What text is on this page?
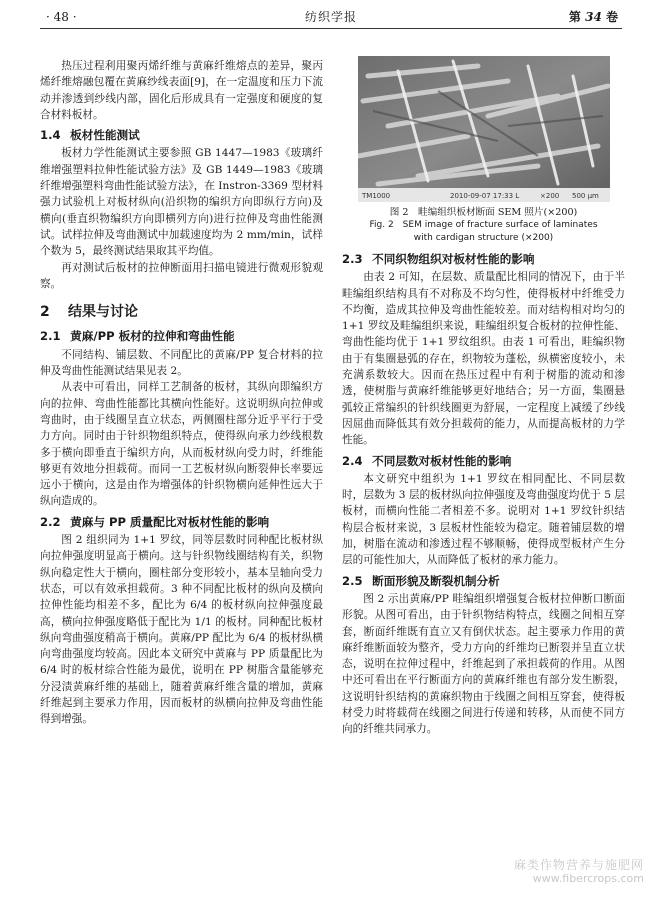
· 48 ·	纺织学报	第 34 卷

热压过程利用聚丙烯纤维与黄麻纤维熔点的差异，聚丙烯纤维熔融包覆在黄麻纱线表面[9]，在一定温度和压力下流动并渗透到纱线内部，固化后形成具有一定强度和硬度的复合材料板材。

1.4 板材性能测试

板材力学性能测试主要参照 GB 1447—1983《玻璃纤维增强塑料拉伸性能试验方法》及 GB 1449—1983《玻璃纤维增强塑料弯曲性能试验方法》，在 Instron-3369 型材料强力试验机上对板材纵向(沿织物的编织方向即纵行方向)及横向(垂直织物编织方向即横列方向)进行拉伸及弯曲性能测试。试样拉伸及弯曲测试中加载速度均为 2 mm/min，试样个数为 5，最终测试结果取其平均值。

再对测试后板材的拉伸断面用扫描电镜进行微观形貌观察。

2 结果与讨论
2.1 黄麻/PP 板材的拉伸和弯曲性能

不同结构、铺层数、不同配比的黄麻/PP 复合材料的拉伸及弯曲性能测试结果见表 2。

从表中可看出，同样工艺制备的板材，其纵向即编织方向的拉伸、弯曲性能都比其横向性能好。这说明纵向拉伸或弯曲时，由于线圈呈直立状态，两侧圈柱部分近乎平行于受力方向。同时由于针织物组织特点，使得纵向承力纱线根数多于横向即垂直于编织方向，从而板材纵向受力时，纤维能够更有效地分担载荷。而同一工艺板材纵向断裂伸长率要远远小于横向，这是由作为增强体的针织物横向延伸性远大于纵向造成的。

2.2 黄麻与 PP 质量配比对板材性能的影响

图 2 组织同为 1+1 罗纹，同等层数时同种配比板材纵向拉伸强度明显高于横向。这与针织物线圈结构有关，织物纵向稳定性大于横向，圈柱部分变形较小，基本呈轴向受力状态，可以有效承担载荷。3 种不同配比板材的纵向及横向拉伸性能均相差不多，配比为 6/4 的板材纵向拉伸强度最高，横向拉伸强度略低于配比为 1/1 的板材。同种配比板材纵向弯曲强度稍高于横向。黄麻/PP 配比为 6/4 的板材纵横向弯曲强度均较高。因此本文研究中黄麻与 PP 质量配比为 6/4 时的板材综合性能为最优，说明在 PP 树脂含量能够充分浸渍黄麻纤维的基础上，随着黄麻纤维含量的增加，黄麻纤维起到主要承力作用，因而板材的纵横向拉伸及弯曲性能得到增强。

TM1000	2010-09-07 17:33 L	×200 500 μm
图 2　畦编组织板材断面 SEM 照片(×200)
Fig. 2　SEM image of fracture surface of laminates
with cardigan structure (×200)
2.3 不同织物组织对板材性能的影响

由表 2 可知，在层数、质量配比相同的情况下，由于半畦编组织结构具有不对称及不均匀性，使得板材中纤维受力不均衡，造成其拉伸及弯曲性能较差。而对结构相对均匀的 1+1 罗纹及畦编组织来说，畦编组织复合板材的拉伸性能、弯曲性能均优于 1+1 罗纹组织。由表 1 可看出，畦编织物由于有集圈悬弧的存在，织物较为蓬松，纵横密度较小，未充满系数较大。因而在热压过程中有利于树脂的流动和渗透，使树脂与黄麻纤维能够更好地结合；另一方面，集圈悬弧较正常编织的针织线圈更为舒展，一定程度上减缓了纱线因屈曲而降低其有效分担载荷的能力，从而提高板材的力学性能。

2.4 不同层数对板材性能的影响

本文研究中组织为 1+1 罗纹在相同配比、不同层数时，层数为 3 层的板材纵向拉伸强度及弯曲强度均优于 5 层板材，而横向性能二者相差不多。说明对 1+1 罗纹针织结构层合板材来说，3 层板材性能较为稳定。随着铺层数的增加，树脂在流动和渗透过程不够顺畅，使得成型板材产生分层的可能性加大，从而降低了板材的承力能力。

2.5 断面形貌及断裂机制分析

图 2 示出黄麻/PP 畦编组织增强复合板材拉伸断口断面形貌。从图可看出，由于针织物结构特点，线圈之间相互穿套，断面纤维既有直立又有倒伏状态。起主要承力作用的黄麻纤维断面较为整齐，受力方向的纤维均已断裂并呈直立状态，说明在拉伸过程中，纤维起到了承担载荷的作用。从图中还可看出在平行断面方向的黄麻纤维也有部分发生断裂，这说明针织结构的黄麻织物由于线圈之间相互穿套，使得板材受力时将载荷在线圈之间进行传递和转移，从而使不同方向的纤维共同承力。

麻类作物营养与施肥网
www.fibercrops.com
